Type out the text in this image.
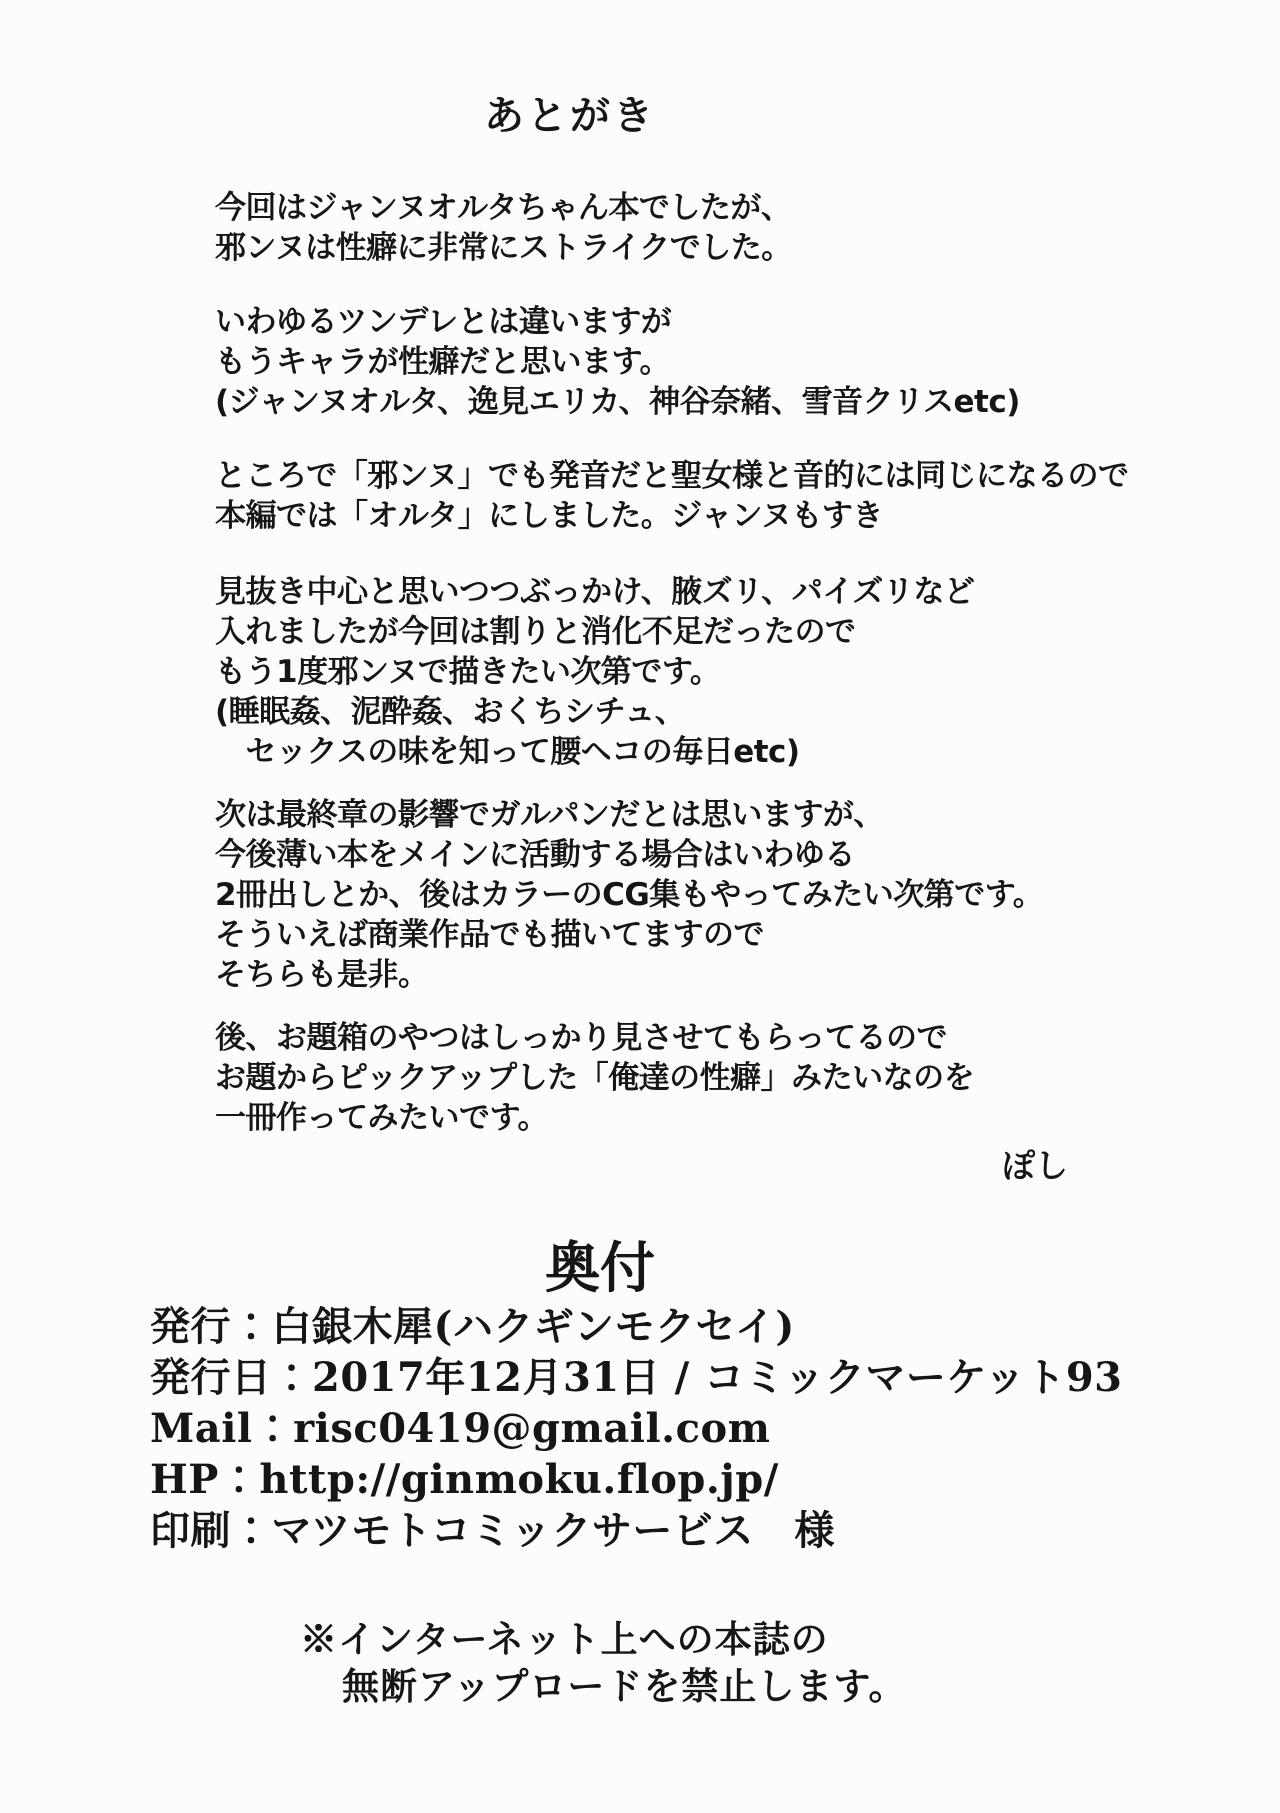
あとがき

今回はジャンヌオルタちゃん本でしたが、
邪ンヌは性癖に非常にストライクでした。

いわゆるツンデレとは違いますが
もうキャラが性癖だと思います。
(ジャンヌオルタ、逸見エリカ、神谷奈緒、雪音クリスetc)

ところで「邪ンヌ」でも発音だと聖女様と音的には同じになるので
本編では「オルタ」にしました。ジャンヌもすき

見抜き中心と思いつつぶっかけ、腋ズリ、パイズリなど
入れましたが今回は割りと消化不足だったので
もう1度邪ンヌで描きたい次第です。
(睡眠姦、泥酔姦、おくちシチュ、
　セックスの味を知って腰ヘコの毎日etc)

次は最終章の影響でガルパンだとは思いますが、
今後薄い本をメインに活動する場合はいわゆる
2冊出しとか、後はカラーのCG集もやってみたい次第です。
そういえば商業作品でも描いてますので
そちらも是非。

後、お題箱のやつはしっかり見させてもらってるので
お題からピックアップした「俺達の性癖」みたいなのを
一冊作ってみたいです。

ぽし
奥付
発行：白銀木犀(ハクギンモクセイ)
発行日：2017年12月31日 / コミックマーケット93
Mail：risc0419@gmail.com
HP：http://ginmoku.flop.jp/
印刷：マツモトコミックサービス　様
※インターネット上への本誌の
無断アップロードを禁止します。
